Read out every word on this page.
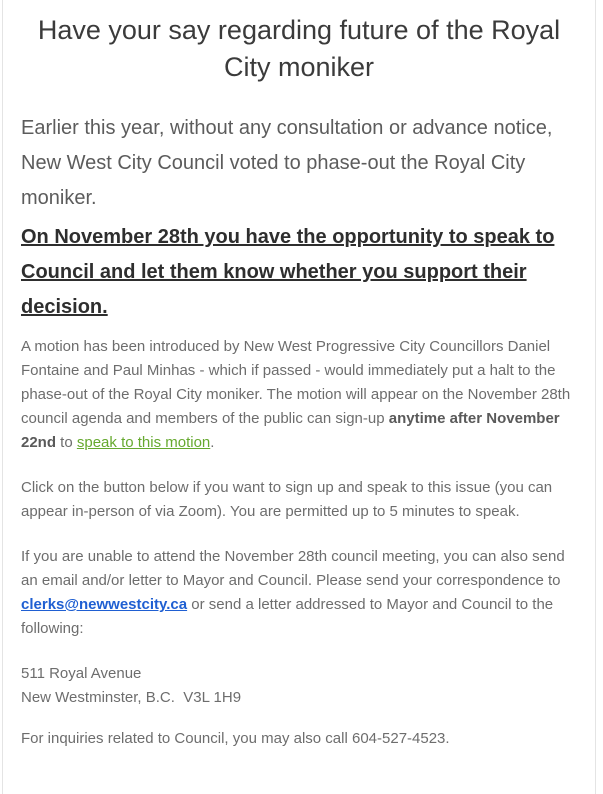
Have your say regarding future of the Royal City moniker

Earlier this year, without any consultation or advance notice, New West City Council voted to phase-out the Royal City moniker.

On November 28th you have the opportunity to speak to Council and let them know whether you support their decision.

A motion has been introduced by New West Progressive City Councillors Daniel Fontaine and Paul Minhas - which if passed - would immediately put a halt to the phase-out of the Royal City moniker. The motion will appear on the November 28th council agenda and members of the public can sign-up anytime after November 22nd to speak to this motion.

Click on the button below if you want to sign up and speak to this issue (you can appear in-person of via Zoom). You are permitted up to 5 minutes to speak.

If you are unable to attend the November 28th council meeting, you can also send an email and/or letter to Mayor and Council. Please send your correspondence to clerks@newwestcity.ca or send a letter addressed to Mayor and Council to the following:

511 Royal Avenue
New Westminster, B.C.  V3L 1H9

For inquiries related to Council, you may also call 604-527-4523.
